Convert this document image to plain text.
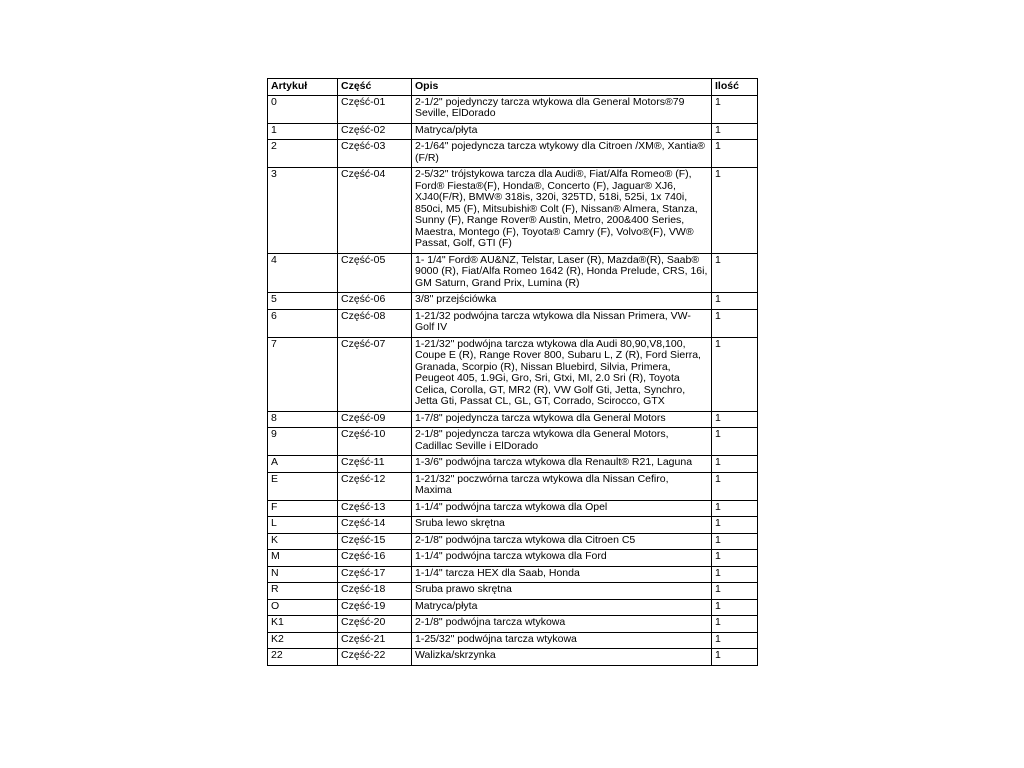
Artykuł	Część	Opis	Ilość
0	Część-01	2-1/2" pojedynczy tarcza wtykowa dla General Motors®79 Seville, ElDorado	1
1	Część-02	Matryca/płyta	1
2	Część-03	2-1/64" pojedyncza tarcza wtykowy dla Citroen /XM®, Xantia® (F/R)	1
3	Część-04	2-5/32" trójstykowa tarcza dla Audi®, Fiat/Alfa Romeo® (F), Ford® Fiesta®(F), Honda®, Concerto (F), Jaguar® XJ6, XJ40(F/R), BMW® 318is, 320i, 325TD, 518i, 525i, 1x 740i, 850ci, M5 (F), Mitsubishi® Colt (F), Nissan® Almera, Stanza, Sunny (F), Range Rover® Austin, Metro, 200&400 Series, Maestra, Montego (F), Toyota® Camry (F), Volvo®(F), VW® Passat, Golf, GTI (F)	1
4	Część-05	1- 1/4" Ford® AU&NZ, Telstar, Laser (R), Mazda®(R), Saab® 9000 (R), Fiat/Alfa Romeo 1642 (R), Honda Prelude, CRS, 16i, GM Saturn, Grand Prix, Lumina (R)	1
5	Część-06	3/8" przejściówka	1
6	Część-08	1-21/32 podwójna tarcza wtykowa dla Nissan Primera, VW-Golf IV	1
7	Część-07	1-21/32" podwójna tarcza wtykowa dla Audi 80,90,V8,100, Coupe E (R), Range Rover 800, Subaru L, Z (R), Ford Sierra, Granada, Scorpio (R), Nissan Bluebird, Silvia, Primera, Peugeot 405, 1.9Gi, Gro, Sri, Gtxi, MI, 2.0 Sri (R), Toyota Celica, Corolla, GT, MR2 (R), VW Golf Gti, Jetta, Synchro, Jetta Gti, Passat CL, GL, GT, Corrado, Scirocco, GTX	1
8	Część-09	1-7/8" pojedyncza tarcza wtykowa dla General Motors	1
9	Część-10	2-1/8" pojedyncza tarcza wtykowa dla General Motors, Cadillac Seville i ElDorado	1
A	Część-11	1-3/6" podwójna tarcza wtykowa dla Renault® R21, Laguna	1
E	Część-12	1-21/32" poczwórna tarcza wtykowa dla Nissan Cefiro, Maxima	1
F	Część-13	1-1/4" podwójna tarcza wtykowa dla Opel	1
L	Część-14	Sruba lewo skrętna	1
K	Część-15	2-1/8" podwójna tarcza wtykowa dla Citroen C5	1
M	Część-16	1-1/4" podwójna tarcza wtykowa dla Ford	1
N	Część-17	1-1/4" tarcza HEX dla Saab, Honda	1
R	Część-18	Sruba prawo skrętna	1
O	Część-19	Matryca/płyta	1
K1	Część-20	2-1/8" podwójna tarcza wtykowa	1
K2	Część-21	1-25/32" podwójna tarcza wtykowa	1
22	Część-22	Walizka/skrzynka	1
